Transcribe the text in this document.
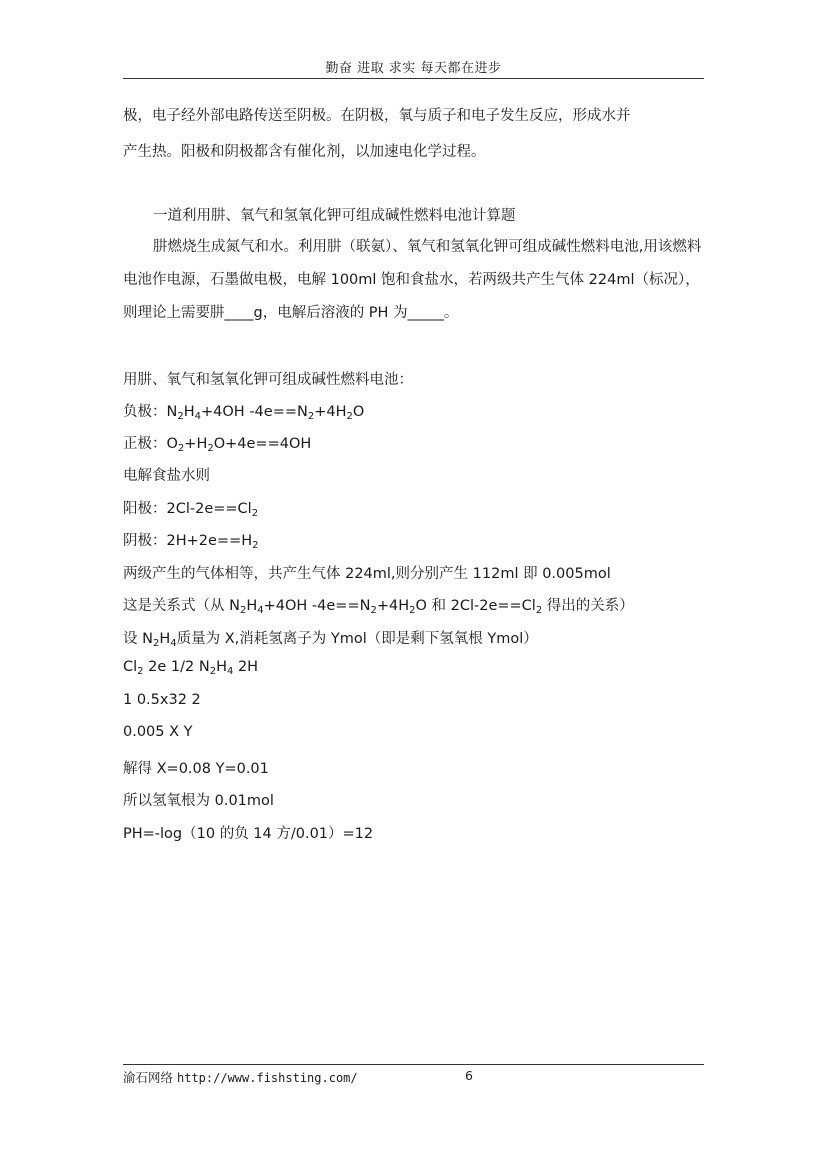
勤奋 进取 求实 每天都在进步
极，电子经外部电路传送至阴极。在阴极，氧与质子和电子发生反应，形成水并
产生热。阳极和阴极都含有催化剂，以加速电化学过程。
一道利用肼、氧气和氢氧化钾可组成碱性燃料电池计算题

肼燃烧生成氮气和水。利用肼（联氨）、氧气和氢氧化钾可组成碱性燃料电池,用该燃料电池作电源，石墨做电极，电解 100ml 饱和食盐水，若两级共产生气体 224ml（标况），则理论上需要肼____g，电解后溶液的 PH 为_____。

用肼、氧气和氢氧化钾可组成碱性燃料电池：
负极：$N_2H_4+4OH$ $-4e==N_2+4H_2O$
正极：$O_2+H_2O+4e==4OH$
电解食盐水则
阳极：$2Cl-2e==Cl_2$
阴极：$2H+2e==H_2$
两级产生的气体相等，共产生气体 224ml,则分别产生 112ml 即 0.005mol
这是关系式（从 $N_2H_4+4OH$ $-4e==N_2+4H_2O$ 和 $2Cl-2e==Cl_2$ 得出的关系）
设 $N_2H_4$质量为 X,消耗氢离子为 Ymol（即是剩下氢氧根 Ymol）
$Cl_2$ 2e 1/2 $N_2H_4$ 2H
1 0.5x32 2
0.005 X Y
解得 X=0.08 Y=0.01
所以氢氧根为 0.01mol
PH=-log（10 的负 14 方/0.01）=12
渝石网络 http://www.fishsting.com/	6
